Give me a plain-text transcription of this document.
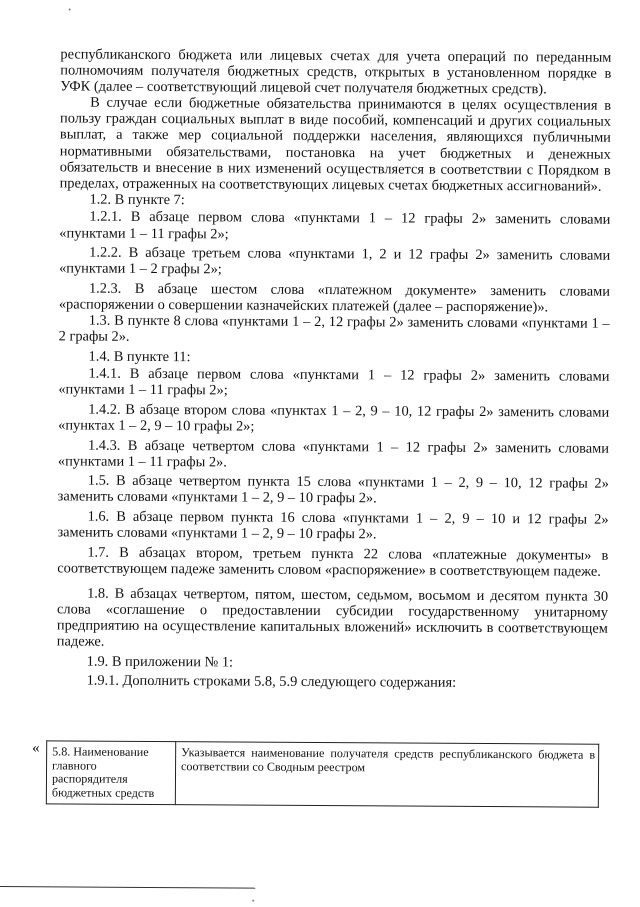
республиканского бюджета или лицевых счетах для учета операций по переданным полномочиям получателя бюджетных средств, открытых в установленном порядке в УФК (далее – соответствующий лицевой счет получателя бюджетных средств).

В случае если бюджетные обязательства принимаются в целях осуществления в пользу граждан социальных выплат в виде пособий, компенсаций и других социальных выплат, а также мер социальной поддержки населения, являющихся публичными нормативными обязательствами, постановка на учет бюджетных и денежных обязательств и внесение в них изменений осуществляется в соответствии с Порядком в пределах, отраженных на соответствующих лицевых счетах бюджетных ассигнований».

1.2. В пункте 7:

1.2.1. В абзаце первом слова «пунктами 1 – 12 графы 2» заменить словами «пунктами 1 – 11 графы 2»;

1.2.2. В абзаце третьем слова «пунктами 1, 2 и 12 графы 2» заменить словами «пунктами 1 – 2 графы 2»;

1.2.3. В абзаце шестом слова «платежном документе» заменить словами «распоряжении о совершении казначейских платежей (далее – распоряжение)».

1.3. В пункте 8 слова «пунктами 1 – 2, 12 графы 2» заменить словами «пунктами 1 – 2 графы 2».

1.4. В пункте 11:

1.4.1. В абзаце первом слова «пунктами 1 – 12 графы 2» заменить словами «пунктами 1 – 11 графы 2»;

1.4.2. В абзаце втором слова «пунктах 1 – 2, 9 – 10, 12 графы 2» заменить словами «пунктах 1 – 2, 9 – 10 графы 2»;

1.4.3. В абзаце четвертом слова «пунктами 1 – 12 графы 2» заменить словами «пунктами 1 – 11 графы 2».

1.5. В абзаце четвертом пункта 15 слова «пунктами 1 – 2, 9 – 10, 12 графы 2» заменить словами «пунктами 1 – 2, 9 – 10 графы 2».

1.6. В абзаце первом пункта 16 слова «пунктами 1 – 2, 9 – 10 и 12 графы 2» заменить словами «пунктами 1 – 2, 9 – 10 графы 2».

1.7. В абзацах втором, третьем пункта 22 слова «платежные документы» в соответствующем падеже заменить словом «распоряжение» в соответствующем падеже.

1.8. В абзацах четвертом, пятом, шестом, седьмом, восьмом и десятом пункта 30 слова «соглашение о предоставлении субсидии государственному унитарному предприятию на осуществление капитальных вложений» исключить в соответствующем падеже.

1.9. В приложении № 1:

1.9.1. Дополнить строками 5.8, 5.9 следующего содержания:

« 5.8. Наименование главного распорядителя бюджетных средств	Указывается наименование получателя средств республиканского бюджета в соответствии со Сводным реестром
